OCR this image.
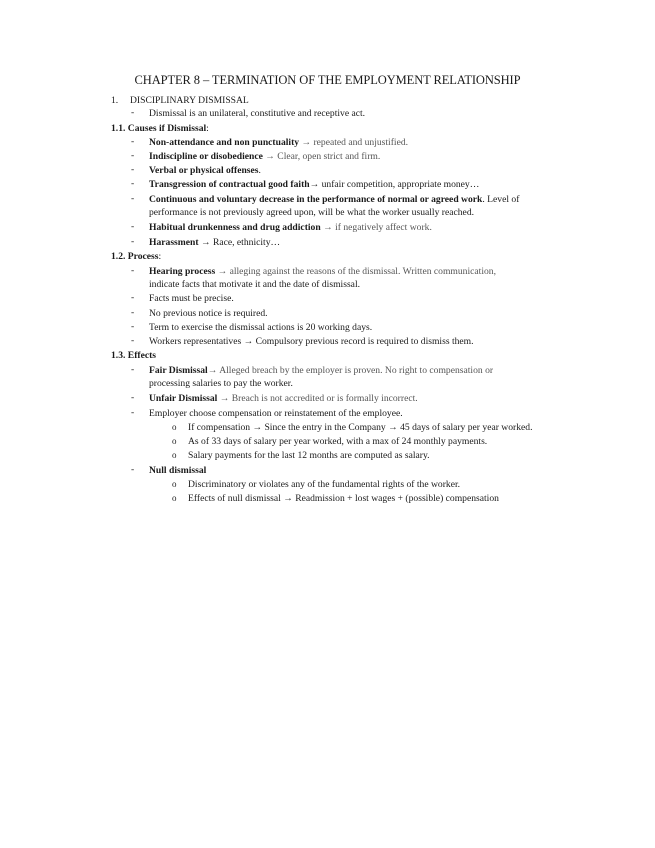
CHAPTER 8 – TERMINATION OF THE EMPLOYMENT RELATIONSHIP
1. DISCIPLINARY DISMISSAL
- Dismissal is an unilateral, constitutive and receptive act.
1.1. Causes if Dismissal:
- Non-attendance and non punctuality → repeated and unjustified.
- Indiscipline or disobedience → Clear, open strict and firm.
- Verbal or physical offenses.
- Transgression of contractual good faith→ unfair competition, appropriate money…
- Continuous and voluntary decrease in the performance of normal or agreed work. Level of
performance is not previously agreed upon, will be what the worker usually reached.
- Habitual drunkenness and drug addiction → if negatively affect work.
- Harassment → Race, ethnicity…
1.2. Process:
- Hearing process → alleging against the reasons of the dismissal. Written communication,
indicate facts that motivate it and the date of dismissal.
- Facts must be precise.
- No previous notice is required.
- Term to exercise the dismissal actions is 20 working days.
- Workers representatives → Compulsory previous record is required to dismiss them.
1.3. Effects
- Fair Dismissal→ Alleged breach by the employer is proven. No right to compensation or
processing salaries to pay the worker.
- Unfair Dismissal → Breach is not accredited or is formally incorrect.
- Employer choose compensation or reinstatement of the employee.
o If compensation → Since the entry in the Company → 45 days of salary per year worked.
o As of 33 days of salary per year worked, with a max of 24 monthly payments.
o Salary payments for the last 12 months are computed as salary.
- Null dismissal
o Discriminatory or violates any of the fundamental rights of the worker.
o Effects of null dismissal → Readmission + lost wages + (possible) compensation
